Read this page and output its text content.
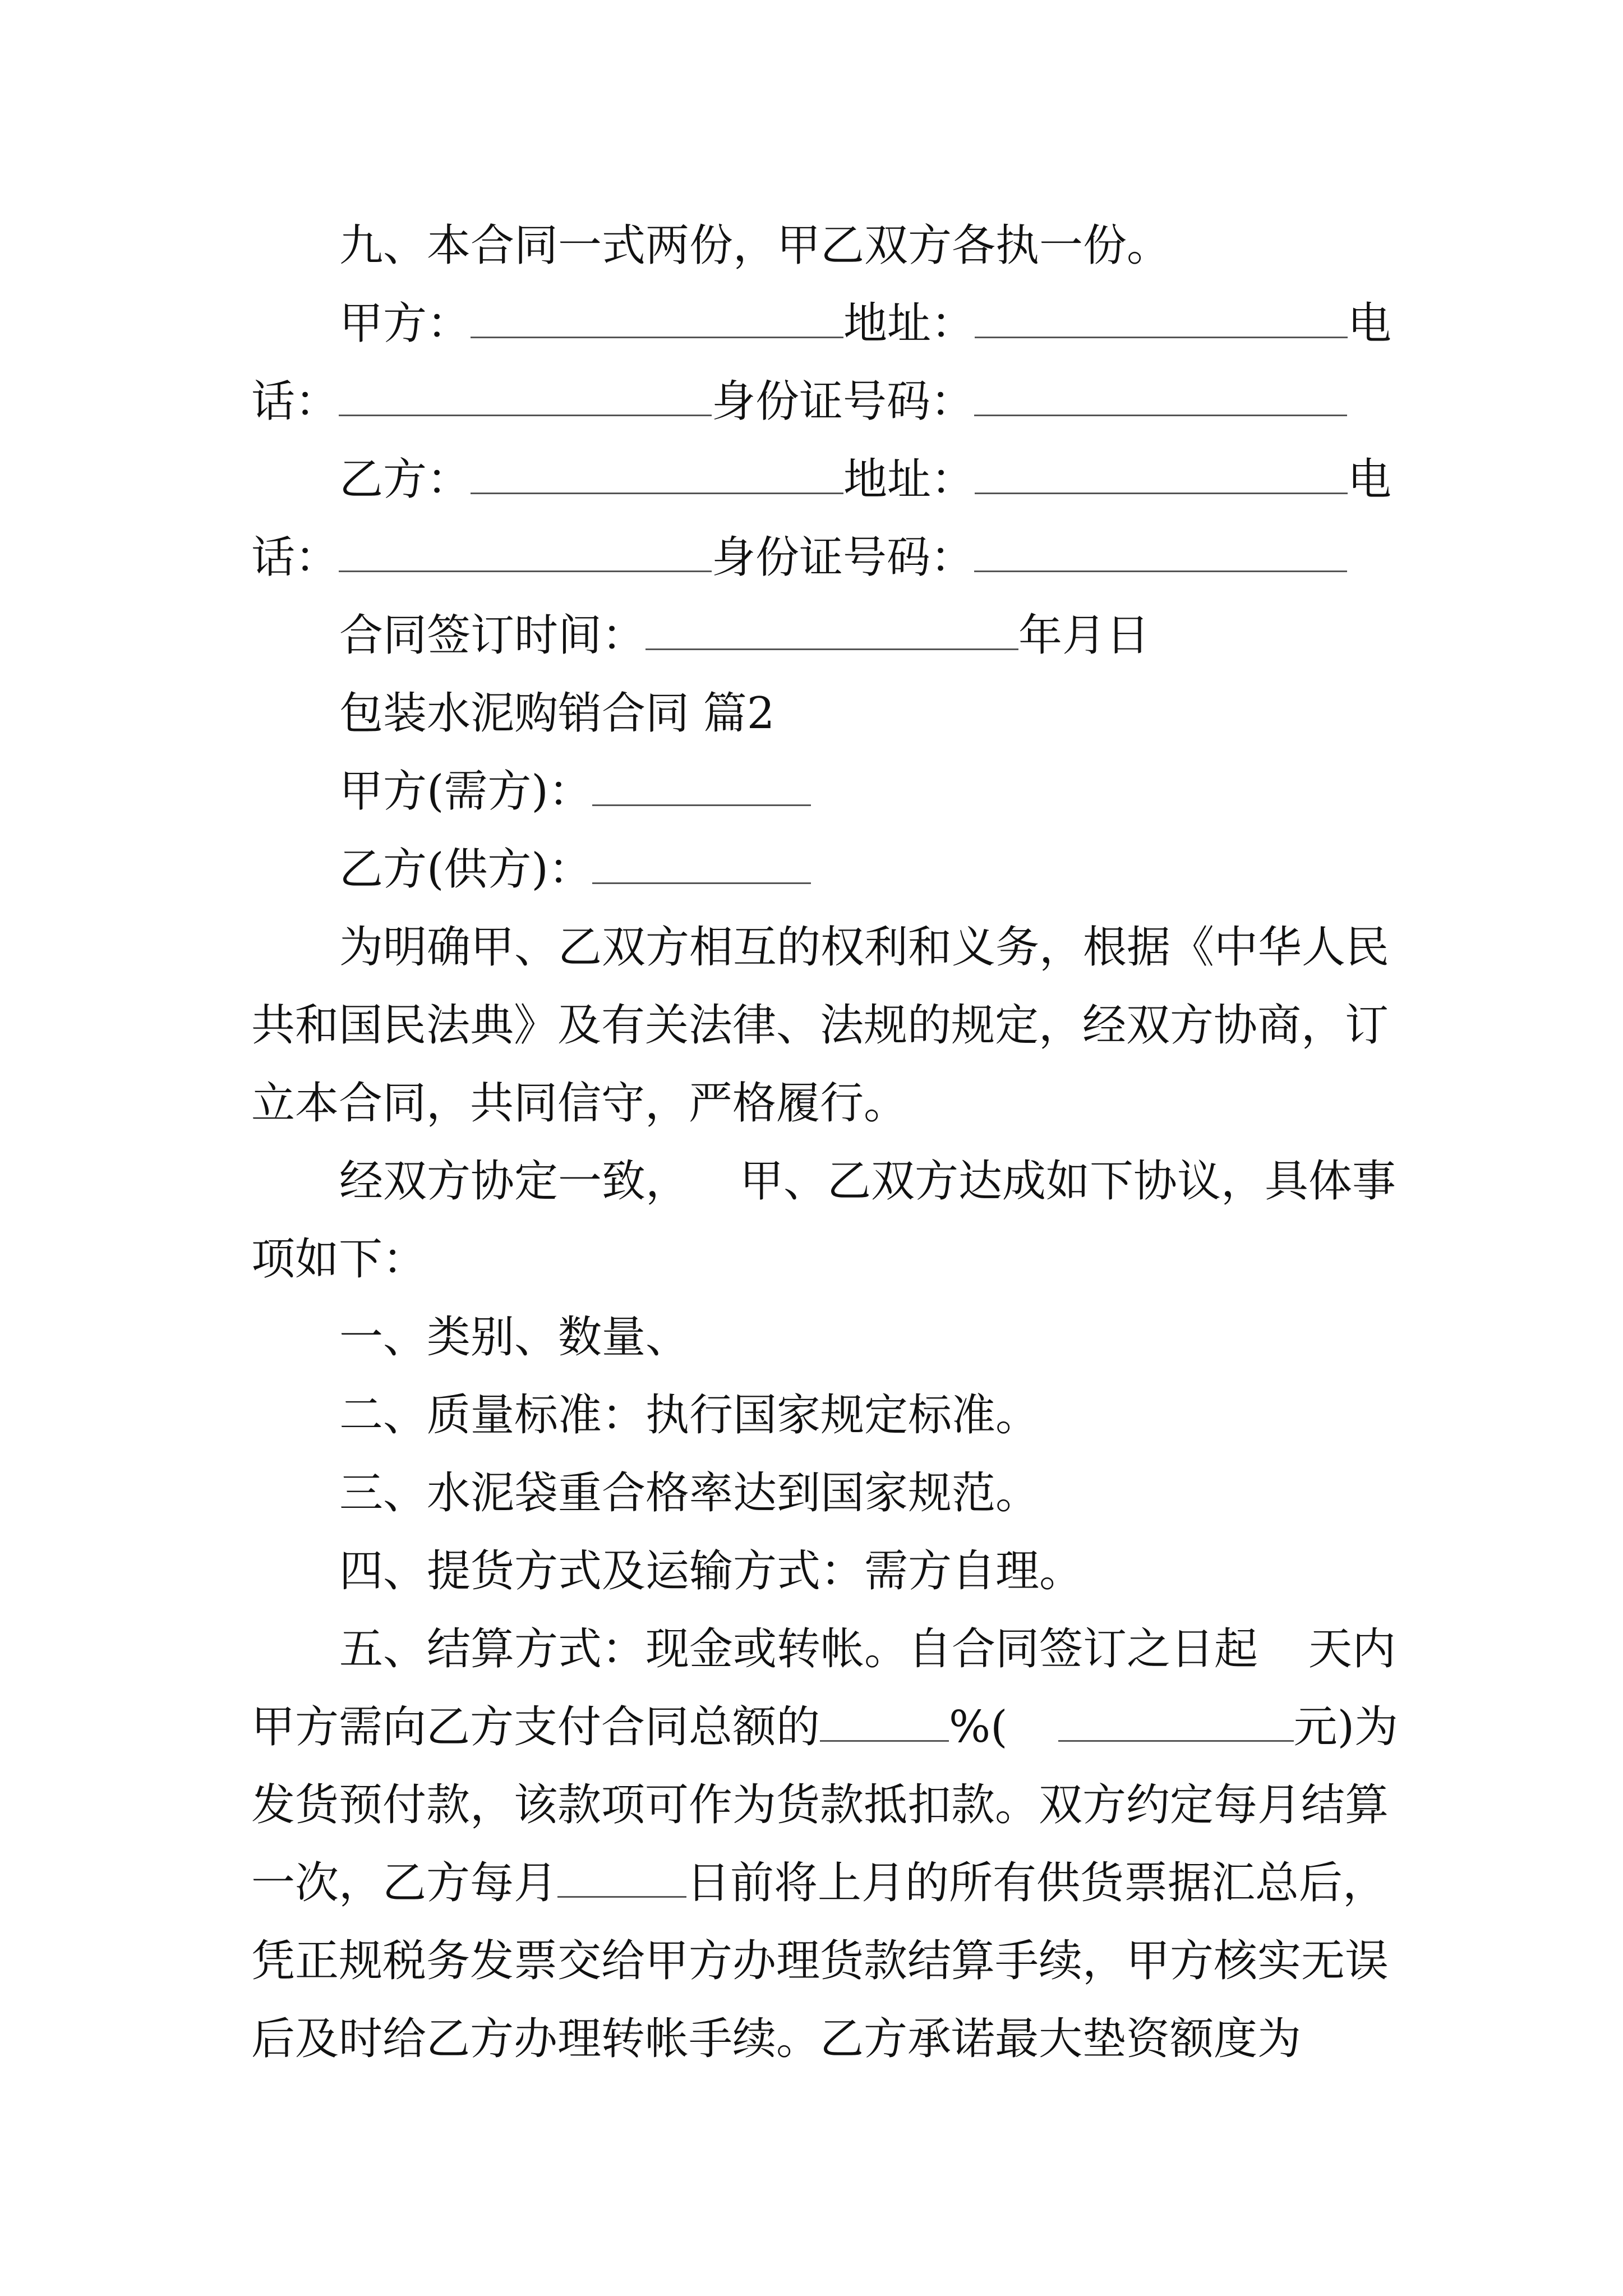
九、本合同一式两份，甲乙双方各执一份。
甲方：	地址：	电
话：	身份证号码：
乙方：	地址：	电
话：	身份证号码：
合同签订时间：	年月日
包装水泥购销合同 篇2
甲方(需方)：
乙方(供方)：
为明确甲、乙双方相互的权利和义务，根据《中华人民
共和国民法典》及有关法律、法规的规定，经双方协商，订
立本合同，共同信守，严格履行。
经双方协定一致， 甲、乙双方达成如下协议，具体事
项如下：
一、类别、数量、
二、质量标准：执行国家规定标准。
三、水泥袋重合格率达到国家规范。
四、提货方式及运输方式：需方自理。
五、结算方式：现金或转帐。自合同签订之日起 天内
甲方需向乙方支付合同总额的	%(	元)为
发货预付款，该款项可作为货款抵扣款。双方约定每月结算
一次，乙方每月	日前将上月的所有供货票据汇总后，
凭正规税务发票交给甲方办理货款结算手续，甲方核实无误
后及时给乙方办理转帐手续。乙方承诺最大垫资额度为
